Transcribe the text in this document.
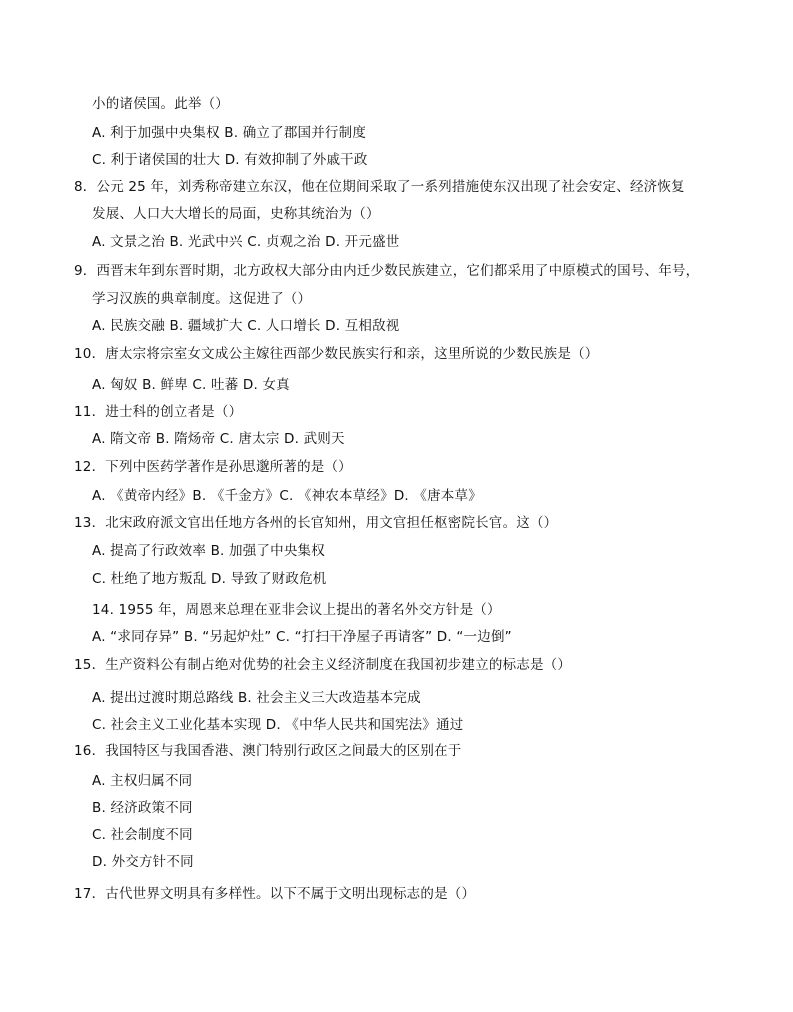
小的诸侯国。此举（）
A. 利于加强中央集权 B. 确立了郡国并行制度
C. 利于诸侯国的壮大 D. 有效抑制了外戚干政
8．公元 25 年，刘秀称帝建立东汉，他在位期间采取了一系列措施使东汉出现了社会安定、经济恢复
发展、人口大大增长的局面，史称其统治为（）
A. 文景之治 B. 光武中兴 C. 贞观之治 D. 开元盛世
9．西晋末年到东晋时期，北方政权大部分由内迁少数民族建立，它们都采用了中原模式的国号、年号，
学习汉族的典章制度。这促进了（）
A. 民族交融 B. 疆域扩大 C. 人口增长 D. 互相敌视
10．唐太宗将宗室女文成公主嫁往西部少数民族实行和亲，这里所说的少数民族是（）
A. 匈奴 B. 鲜卑 C. 吐蕃 D. 女真
11．进士科的创立者是（）
A. 隋文帝 B. 隋炀帝 C. 唐太宗 D. 武则天
12．下列中医药学著作是孙思邈所著的是（）
A. 《黄帝内经》B. 《千金方》C. 《神农本草经》D. 《唐本草》
13．北宋政府派文官出任地方各州的长官知州，用文官担任枢密院长官。这（）
A. 提高了行政效率 B. 加强了中央集权
C. 杜绝了地方叛乱 D. 导致了财政危机
14. 1955 年，周恩来总理在亚非会议上提出的著名外交方针是（）
A. “求同存异” B. “另起炉灶” C. “打扫干净屋子再请客” D. “一边倒”
15．生产资料公有制占绝对优势的社会主义经济制度在我国初步建立的标志是（）
A. 提出过渡时期总路线 B. 社会主义三大改造基本完成
C. 社会主义工业化基本实现 D. 《中华人民共和国宪法》通过
16．我国特区与我国香港、澳门特别行政区之间最大的区别在于
A. 主权归属不同
B. 经济政策不同
C. 社会制度不同
D. 外交方针不同
17．古代世界文明具有多样性。以下不属于文明出现标志的是（）
